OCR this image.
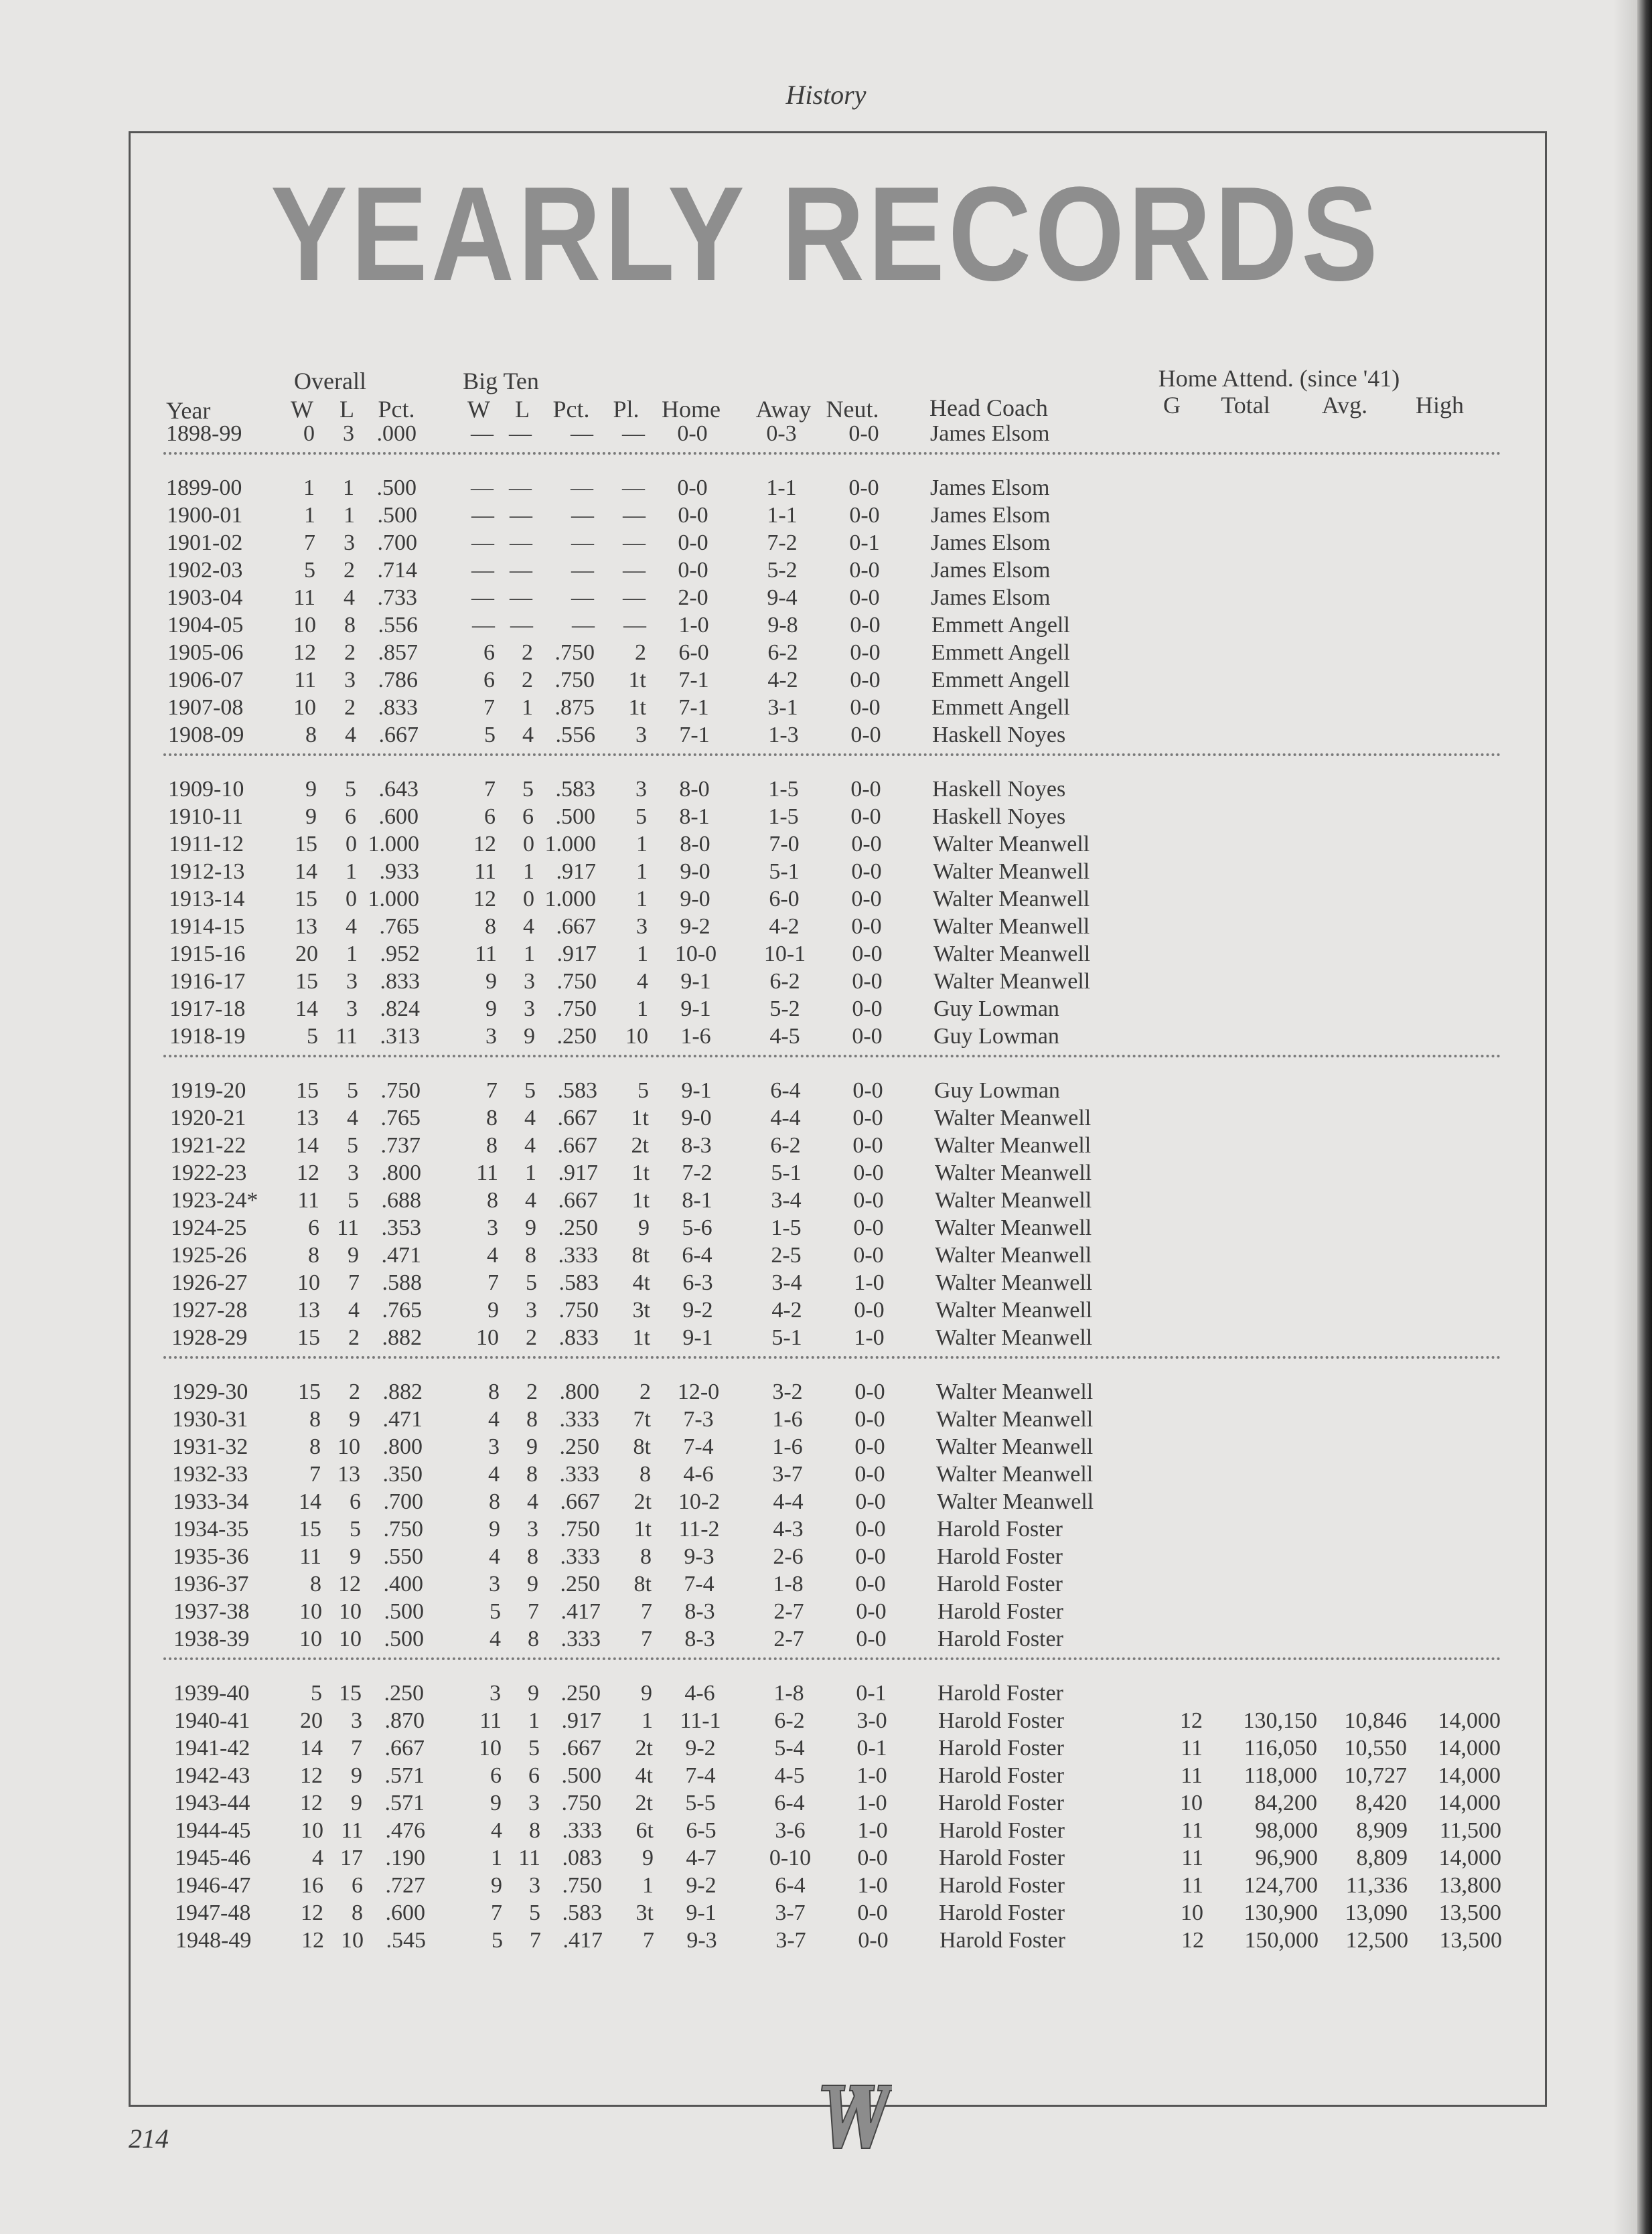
History
YEARLY RECORDS
Overall	Big Ten	Home Attend. (since '41)
Year	W L Pct. W L Pct. Pl. Home Away Neut. Head Coach	G Total Avg. High
1898-99	0 3 .000 — — — — 0-0	0-3 0-0 James Elsom
1899-00	1 1 .500 — — — — 0-0	1-1 0-0 James Elsom
1900-01	1 1 .500 — — — — 0-0	1-1 0-0 James Elsom
1901-02	7 3 .700 — — — — 0-0	7-2 0-1 James Elsom
1902-03	5 2 .714 — — — — 0-0	5-2 0-0 James Elsom
1903-04 11 4 .733 — — — — 2-0	9-4 0-0 James Elsom
1904-05 10 8 .556 — — — — 1-0	9-8 0-0 Emmett Angell
1905-06 12 2 .857	6 2 .750 2 6-0	6-2 0-0 Emmett Angell
1906-07 11 3 .786	6 2 .750 1t 7-1	4-2 0-0 Emmett Angell
1907-08 10 2 .833	7 1 .875 1t 7-1	3-1 0-0 Emmett Angell
1908-09	8 4 .667	5 4 .556 3 7-1	1-3 0-0 Haskell Noyes
1909-10	9 5 .643	7 5 .583 3 8-0	1-5 0-0 Haskell Noyes
1910-11	9 6 .600	6 6 .500 5 8-1	1-5 0-0 Haskell Noyes
1911-12 15 0 1.000 12 0 1.000 1 8-0	7-0 0-0 Walter Meanwell
1912-13 14 1 .933 11 1 .917 1 9-0	5-1 0-0 Walter Meanwell
1913-14 15 0 1.000 12 0 1.000 1 9-0	6-0 0-0 Walter Meanwell
1914-15 13 4 .765	8 4 .667 3 9-2	4-2 0-0 Walter Meanwell
1915-16 20 1 .952 11 1 .917 1 10-0 10-1 0-0 Walter Meanwell
1916-17 15 3 .833	9 3 .750 4 9-1	6-2 0-0 Walter Meanwell
1917-18 14 3 .824	9 3 .750 1 9-1	5-2 0-0 Guy Lowman
1918-19	5 11 .313	3 9 .250 10 1-6	4-5 0-0 Guy Lowman
1919-20 15 5 .750	7 5 .583 5 9-1	6-4 0-0 Guy Lowman
1920-21 13 4 .765	8 4 .667 1t 9-0	4-4 0-0 Walter Meanwell
1921-22 14 5 .737	8 4 .667 2t 8-3	6-2 0-0 Walter Meanwell
1922-23 12 3 .800 11 1 .917 1t 7-2	5-1 0-0 Walter Meanwell
1923-24* 11 5 .688	8 4 .667 1t 8-1	3-4 0-0 Walter Meanwell
1924-25	6 11 .353	3 9 .250 9 5-6	1-5 0-0 Walter Meanwell
1925-26	8 9 .471	4 8 .333 8t 6-4	2-5 0-0 Walter Meanwell
1926-27 10 7 .588	7 5 .583 4t 6-3	3-4 1-0 Walter Meanwell
1927-28 13 4 .765	9 3 .750 3t 9-2	4-2 0-0 Walter Meanwell
1928-29 15 2 .882 10 2 .833 1t 9-1	5-1 1-0 Walter Meanwell
1929-30 15 2 .882	8 2 .800 2 12-0 3-2 0-0 Walter Meanwell
1930-31	8 9 .471	4 8 .333 7t 7-3	1-6 0-0 Walter Meanwell
1931-32	8 10 .800	3 9 .250 8t 7-4	1-6 0-0 Walter Meanwell
1932-33	7 13 .350	4 8 .333 8 4-6	3-7 0-0 Walter Meanwell
1933-34 14 6 .700	8 4 .667 2t 10-2 4-4 0-0 Walter Meanwell
1934-35 15 5 .750	9 3 .750 1t 11-2 4-3 0-0 Harold Foster
1935-36 11 9 .550	4 8 .333 8 9-3	2-6 0-0 Harold Foster
1936-37	8 12 .400	3 9 .250 8t 7-4	1-8 0-0 Harold Foster
1937-38 10 10 .500	5 7 .417 7 8-3	2-7 0-0 Harold Foster
1938-39 10 10 .500	4 8 .333 7 8-3	2-7 0-0 Harold Foster
1939-40	5 15 .250	3 9 .250 9 4-6	1-8 0-1 Harold Foster
1940-41 20 3 .870 11 1 .917 1 11-1 6-2 3-0 Harold Foster	12 130,150 10,846 14,000
1941-42 14 7 .667 10 5 .667 2t 9-2	5-4 0-1 Harold Foster	11 116,050 10,550 14,000
1942-43 12 9 .571	6 6 .500 4t 7-4	4-5 1-0 Harold Foster	11 118,000 10,727 14,000
1943-44 12 9 .571	9 3 .750 2t 5-5	6-4 1-0 Harold Foster	10 84,200 8,420 14,000
1944-45 10 11 .476	4 8 .333 6t 6-5	3-6 1-0 Harold Foster	11 98,000 8,909 11,500
1945-46	4 17 .190	1 11 .083 9 4-7 0-10 0-0 Harold Foster	11 96,900 8,809 14,000
1946-47 16 6 .727	9 3 .750 1 9-2	6-4 1-0 Harold Foster	11 124,700 11,336 13,800
1947-48 12 8 .600	7 5 .583 3t 9-1	3-7 0-0 Harold Foster	10 130,900 13,090 13,500
1948-49 12 10 .545	5 7 .417 7 9-3	3-7 0-0 Harold Foster	12 150,000 12,500 13,500
214
